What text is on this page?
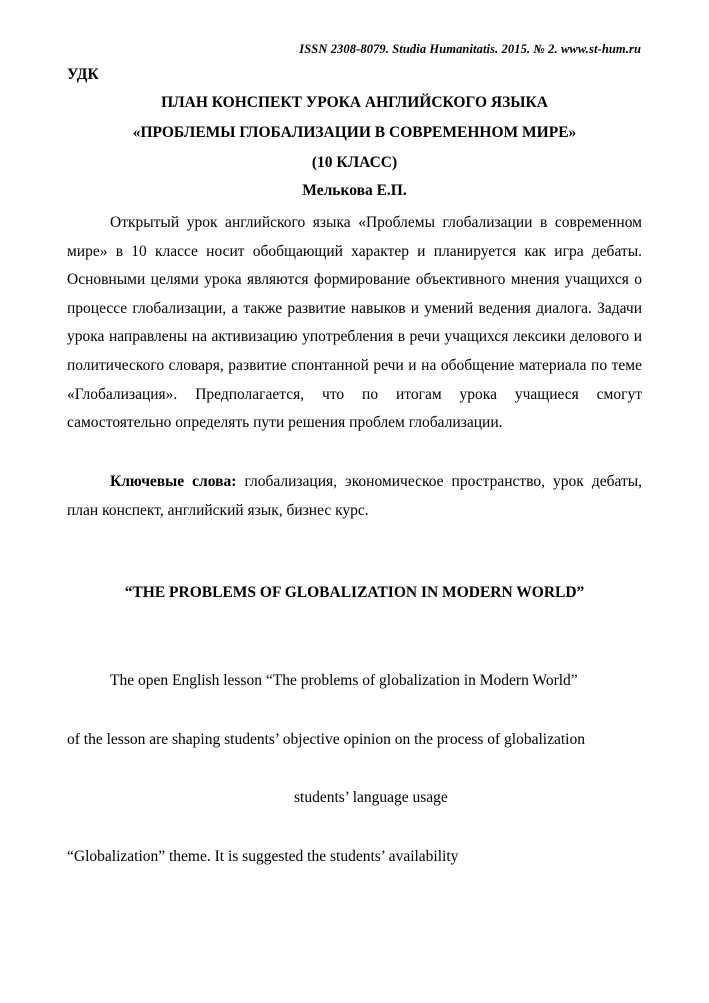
ISSN 2308-8079. Studia Humanitatis. 2015. № 2. www.st-hum.ru
УДК
ПЛАН КОНСПЕКТ УРОКА АНГЛИЙСКОГО ЯЗЫКА
«ПРОБЛЕМЫ ГЛОБАЛИЗАЦИИ В СОВРЕМЕННОМ МИРЕ»
(10 КЛАСС)
Мелькова Е.П.

Открытый урок английского языка «Проблемы глобализации в современном мире» в 10 классе носит обобщающий характер и планируется как игра дебаты. Основными целями урока являются формирование объективного мнения учащихся о процессе глобализации, а также развитие навыков и умений ведения диалога. Задачи урока направлены на активизацию употребления в речи учащихся лексики делового и политического словаря, развитие спонтанной речи и на обобщение материала по теме «Глобализация». Предполагается, что по итогам урока учащиеся смогут самостоятельно определять пути решения проблем глобализации.

Ключевые слова: глобализация, экономическое пространство, урок дебаты, план конспект, английский язык, бизнес курс.

“THE PROBLEMS OF GLOBALIZATION IN MODERN WORLD”
The open English lesson “The problems of globalization in Modern World”
of the lesson are shaping students’ objective opinion on the process of globalization
students’ language usage
“Globalization” theme. It is suggested the students’ availability
